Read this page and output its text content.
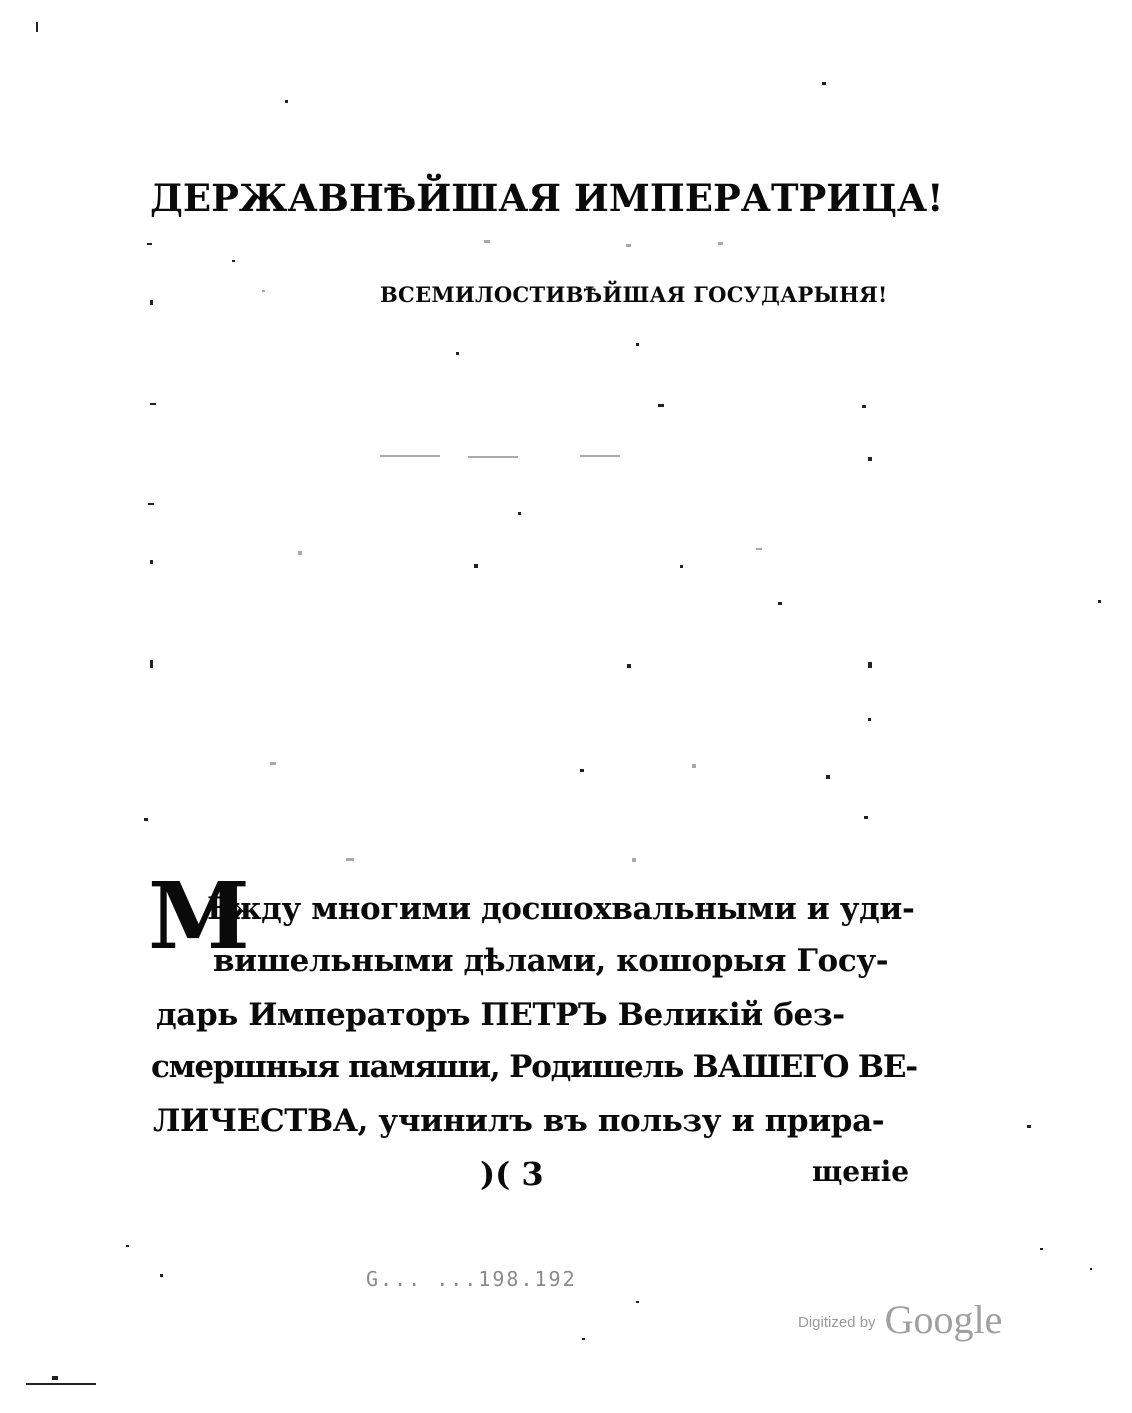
ДЕРЖАВНѢЙШАЯ ИМПЕРАТРИЦА!
ВСЕМИЛОСТИВѢЙШАЯ ГОСУДАРЫНЯ!
М
Ежду многими досшохвальными и уди-
вишельными дѣлами, кошорыя Госу-
дарь Императоръ ПЕТРЪ Великій без-
смершныя памяши, Родишель ВАШЕГО ВЕ-
ЛИЧЕСТВА, учинилъ въ пользу и прира-
)( 3	щеніе
G... ...198.192
Digitized by Google
